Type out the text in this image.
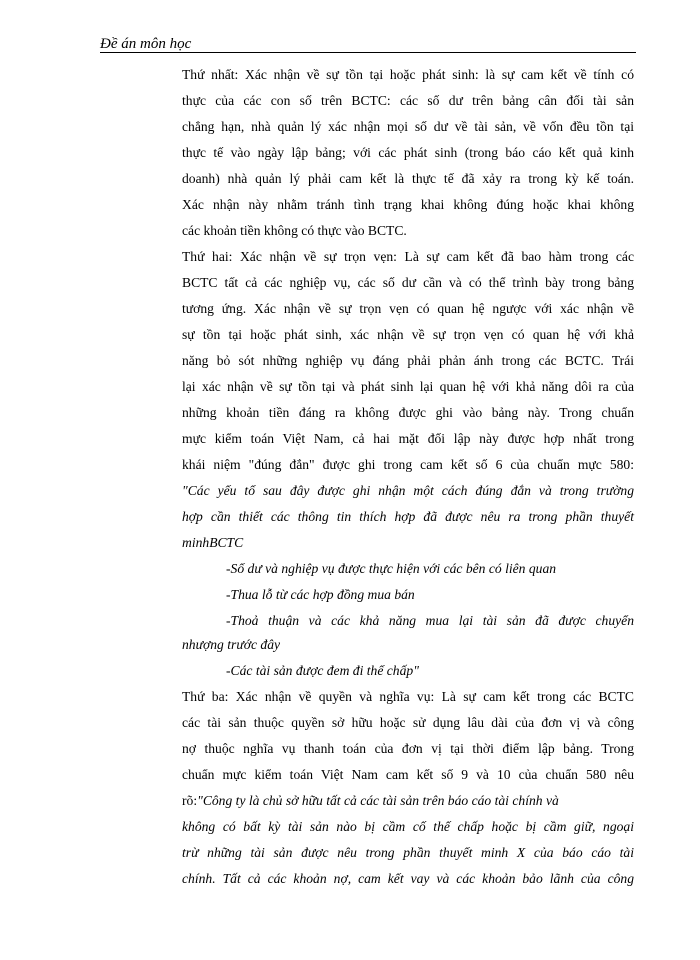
Đề án môn học
Thứ nhất: Xác nhận về sự tồn tại hoặc phát sinh: là sự cam kết về tính có
thực của các con số trên BCTC: các số dư trên bảng cân đối tài sản
chẳng hạn, nhà quản lý xác nhận mọi số dư về tài sản, về vốn đều tồn tại
thực tế vào ngày lập bảng; với các phát sinh (trong báo cáo kết quả kinh
doanh) nhà quản lý phải cam kết là thực tế đã xảy ra trong kỳ kế toán.
Xác nhận này nhằm tránh tình trạng khai không đúng hoặc khai không
các khoản tiền không có thực vào BCTC.
Thứ hai: Xác nhận về sự trọn vẹn: Là sự cam kết đã bao hàm trong các
BCTC tất cả các nghiệp vụ, các số dư cần và có thể trình bày trong bảng
tương ứng. Xác nhận về sự trọn vẹn có quan hệ ngược với xác nhận về
sự tồn tại hoặc phát sinh, xác nhận về sự trọn vẹn có quan hệ với khả
năng bỏ sót những nghiệp vụ đáng phải phản ánh trong các BCTC. Trái
lại xác nhận về sự tồn tại và phát sinh lại quan hệ với khả năng dôi ra của
những khoản tiền đáng ra không được ghi vào bảng này. Trong chuẩn
mực kiểm toán Việt Nam, cả hai mặt đối lập này được hợp nhất trong
khái niệm "đúng đắn" được ghi trong cam kết số 6 của chuẩn mực 580:
"Các yếu tố sau đây được ghi nhận một cách đúng đắn và trong trường
hợp cần thiết các thông tin thích hợp đã được nêu ra trong phần thuyết
minhBCTC
-Số dư và nghiệp vụ được thực hiện với các bên có liên quan
-Thua lỗ từ các hợp đồng mua bán
-Thoả thuận và các khả năng mua lại tài sản đã được chuyển
nhượng trước đây
-Các tài sản được đem đi thế chấp"
Thứ ba: Xác nhận về quyền và nghĩa vụ: Là sự cam kết trong các BCTC
các tài sản thuộc quyền sở hữu hoặc sử dụng lâu dài của đơn vị và công
nợ thuộc nghĩa vụ thanh toán của đơn vị tại thời điểm lập bảng. Trong
chuẩn mực kiểm toán Việt Nam cam kết số 9 và 10 của chuẩn 580 nêu
rõ:"Công ty là chủ sở hữu tất cả các tài sản trên báo cáo tài chính và
không có bất kỳ tài sản nào bị cầm cố thế chấp hoặc bị cầm giữ, ngoại
trừ những tài sản được nêu trong phần thuyết minh X của báo cáo tài
chính. Tất cả các khoản nợ, cam kết vay và các khoản bảo lãnh của công
